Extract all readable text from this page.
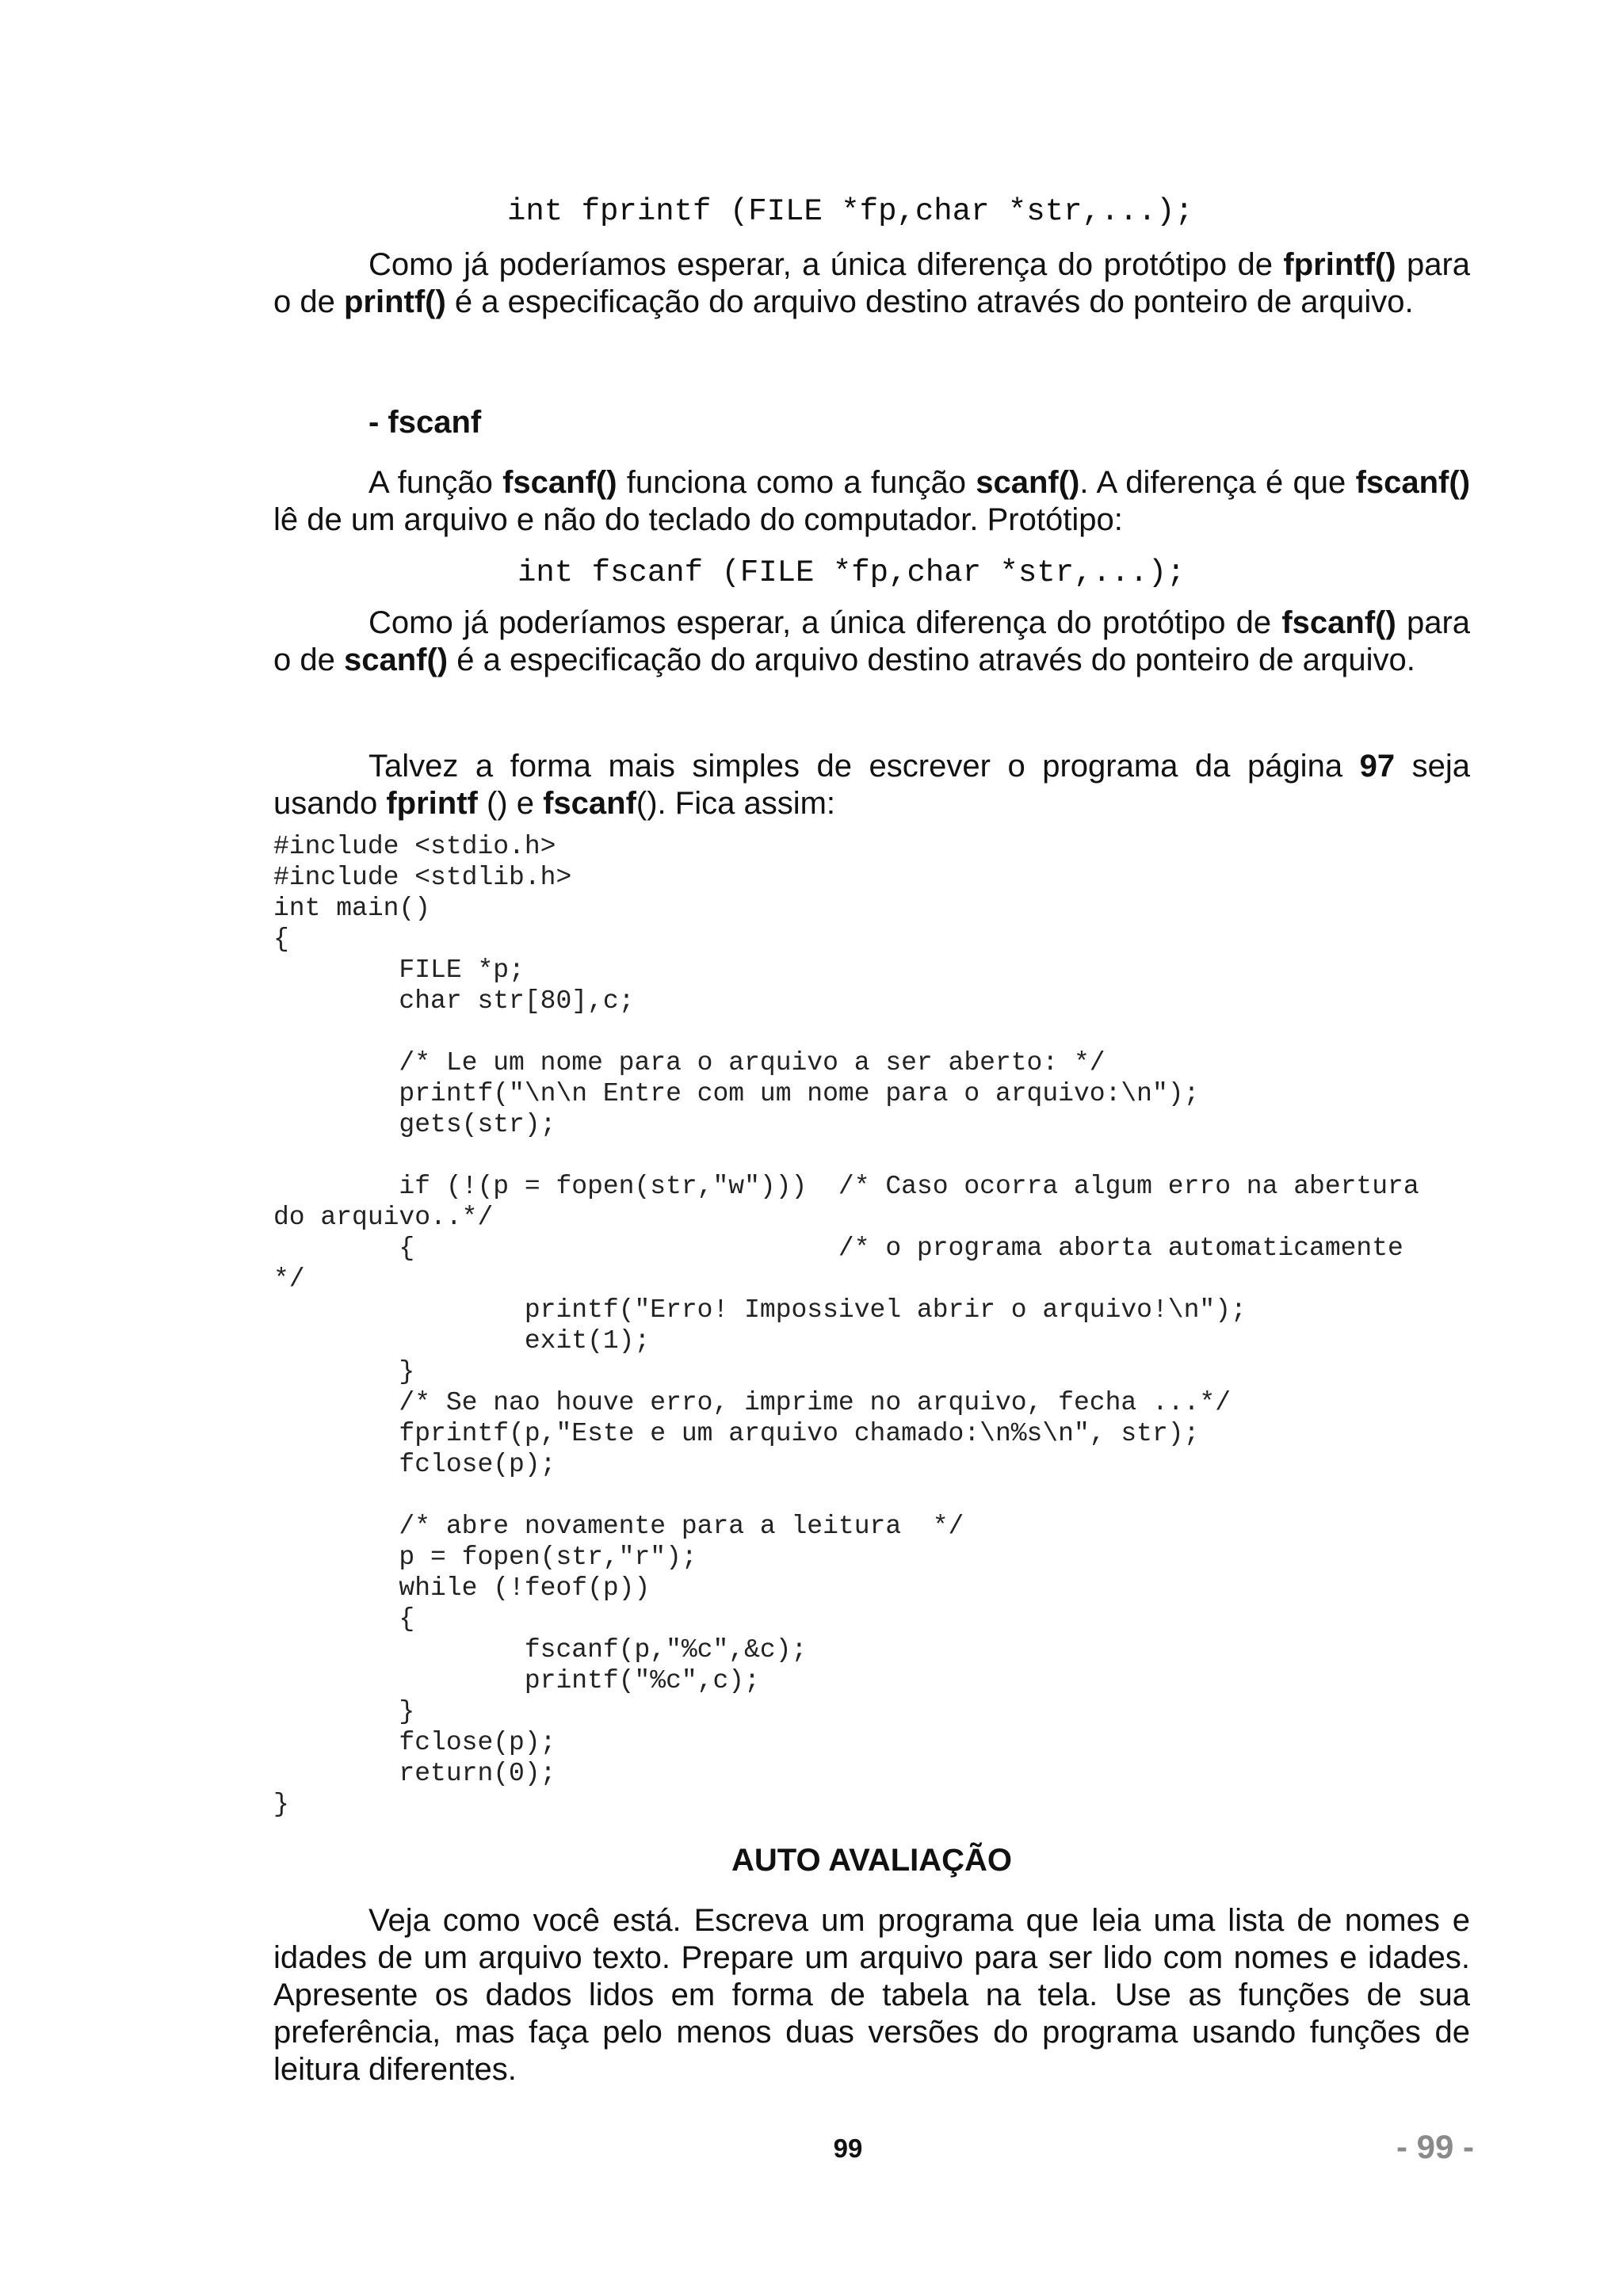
int fprintf (FILE *fp,char *str,...);
Como já poderíamos esperar, a única diferença do protótipo de fprintf() para o de printf() é a especificação do arquivo destino através do ponteiro de arquivo.
- fscanf
A função fscanf() funciona como a função scanf(). A diferença é que fscanf() lê de um arquivo e não do teclado do computador. Protótipo:
int fscanf (FILE *fp,char *str,...);
Como já poderíamos esperar, a única diferença do protótipo de fscanf() para o de scanf() é a especificação do arquivo destino através do ponteiro de arquivo.
Talvez a forma mais simples de escrever o programa da página 97 seja usando fprintf () e fscanf(). Fica assim:
#include <stdio.h>
#include <stdlib.h>
int main()
{
FILE *p;
char str[80],c;
/* Le um nome para o arquivo a ser aberto: */
printf("\n\n Entre com um nome para o arquivo:\n");
gets(str);
if (!(p = fopen(str,"w")))  /* Caso ocorra algum erro na abertura
do arquivo..*/
{                           /* o programa aborta automaticamente
*/
printf("Erro! Impossivel abrir o arquivo!\n");
exit(1);
}
/* Se nao houve erro, imprime no arquivo, fecha ...*/
fprintf(p,"Este e um arquivo chamado:\n%s\n", str);
fclose(p);
/* abre novamente para a leitura  */
p = fopen(str,"r");
while (!feof(p))
{
fscanf(p,"%c",&c);
printf("%c",c);
}
fclose(p);
return(0);
}
AUTO AVALIAÇÃO
Veja como você está. Escreva um programa que leia uma lista de nomes e idades de um arquivo texto. Prepare um arquivo para ser lido com nomes e idades. Apresente os dados lidos em forma de tabela na tela. Use as funções de sua preferência, mas faça pelo menos duas versões do programa usando funções de leitura diferentes.
99	- 99 -
